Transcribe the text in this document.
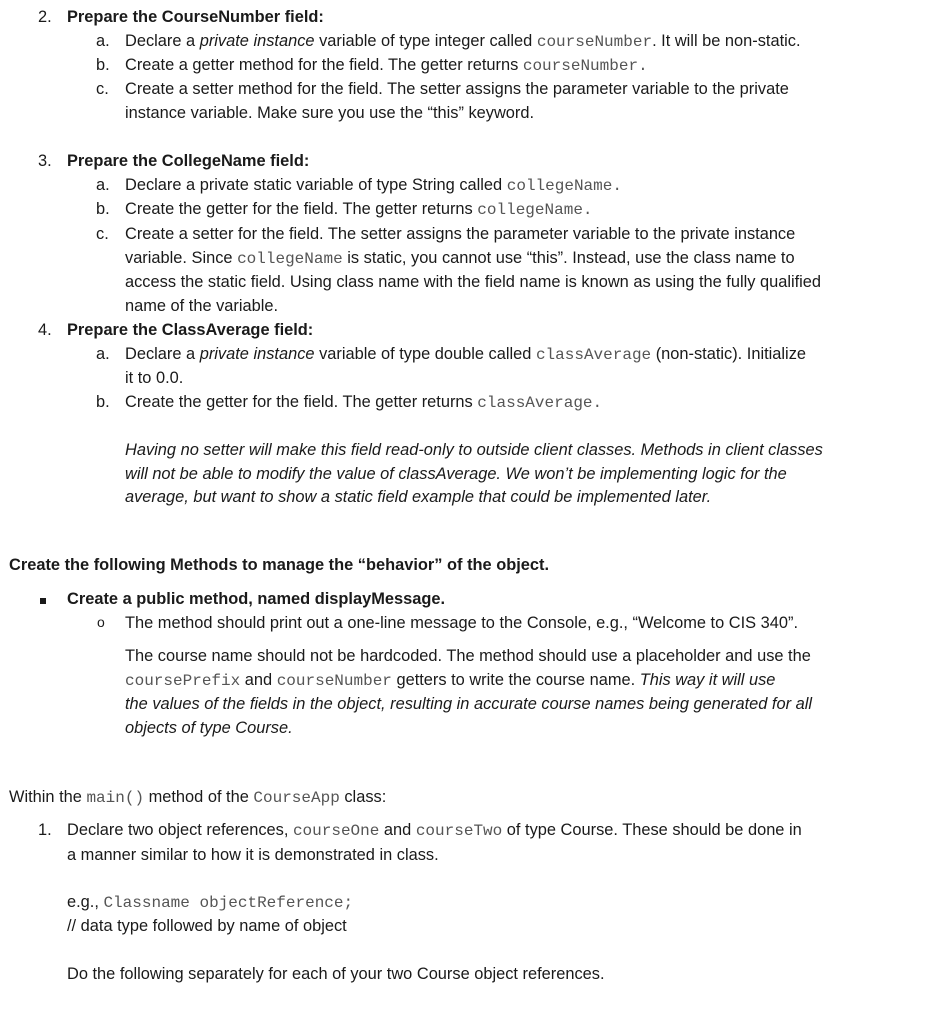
2. Prepare the CourseNumber field:
a. Declare a private instance variable of type integer called courseNumber. It will be non-static.
b. Create a getter method for the field. The getter returns courseNumber.
c. Create a setter method for the field. The setter assigns the parameter variable to the private
instance variable. Make sure you use the “this” keyword.
3. Prepare the CollegeName field:
a. Declare a private static variable of type String called collegeName.
b. Create the getter for the field. The getter returns collegeName.
c. Create a setter for the field. The setter assigns the parameter variable to the private instance
variable. Since collegeName is static, you cannot use “this”. Instead, use the class name to
access the static field. Using class name with the field name is known as using the fully qualified
name of the variable.
4. Prepare the ClassAverage field:
a. Declare a private instance variable of type double called classAverage (non-static). Initialize
it to 0.0.
b. Create the getter for the field. The getter returns classAverage.
Having no setter will make this field read-only to outside client classes. Methods in client classes
will not be able to modify the value of classAverage. We won’t be implementing logic for the
average, but want to show a static field example that could be implemented later.
Create the following Methods to manage the “behavior” of the object.
Create a public method, named displayMessage.
o The method should print out a one-line message to the Console, e.g., “Welcome to CIS 340”.
The course name should not be hardcoded. The method should use a placeholder and use the
coursePrefix and courseNumber getters to write the course name. This way it will use
the values of the fields in the object, resulting in accurate course names being generated for all
objects of type Course.
Within the main() method of the CourseApp class:
1. Declare two object references, courseOne and courseTwo of type Course. These should be done in
a manner similar to how it is demonstrated in class.
e.g., Classname objectReference;
// data type followed by name of object
Do the following separately for each of your two Course object references.
